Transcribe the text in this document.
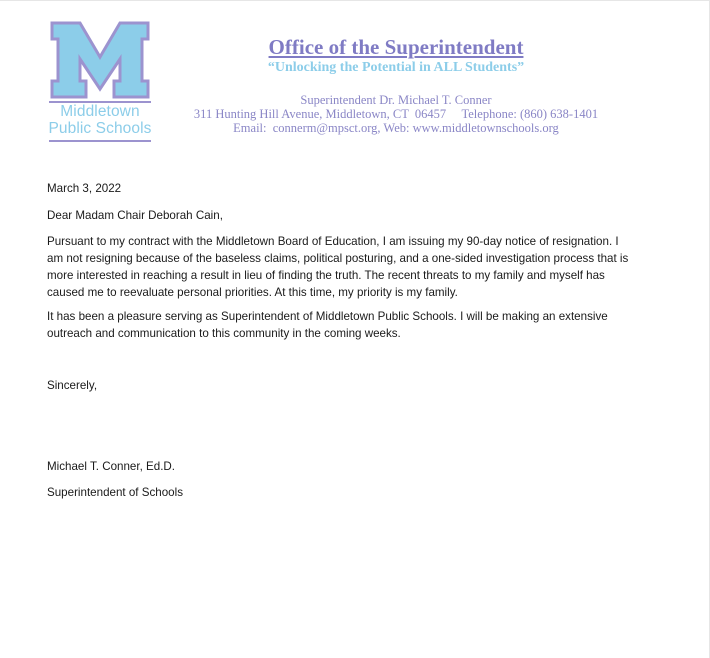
Middletown
Public Schools
Office of the Superintendent
“Unlocking the Potential in ALL Students”
Superintendent Dr. Michael T. Conner
311 Hunting Hill Avenue, Middletown, CT  06457     Telephone: (860) 638-1401
Email:  connerm@mpsct.org, Web: www.middletownschools.org
March 3, 2022
Dear Madam Chair Deborah Cain,
Pursuant to my contract with the Middletown Board of Education, I am issuing my 90-day notice of resignation. I am not resigning because of the baseless claims, political posturing, and a one-sided investigation process that is more interested in reaching a result in lieu of finding the truth. The recent threats to my family and myself has caused me to reevaluate personal priorities. At this time, my priority is my family.
It has been a pleasure serving as Superintendent of Middletown Public Schools. I will be making an extensive outreach and communication to this community in the coming weeks.
Sincerely,
Michael T. Conner, Ed.D.
Superintendent of Schools
